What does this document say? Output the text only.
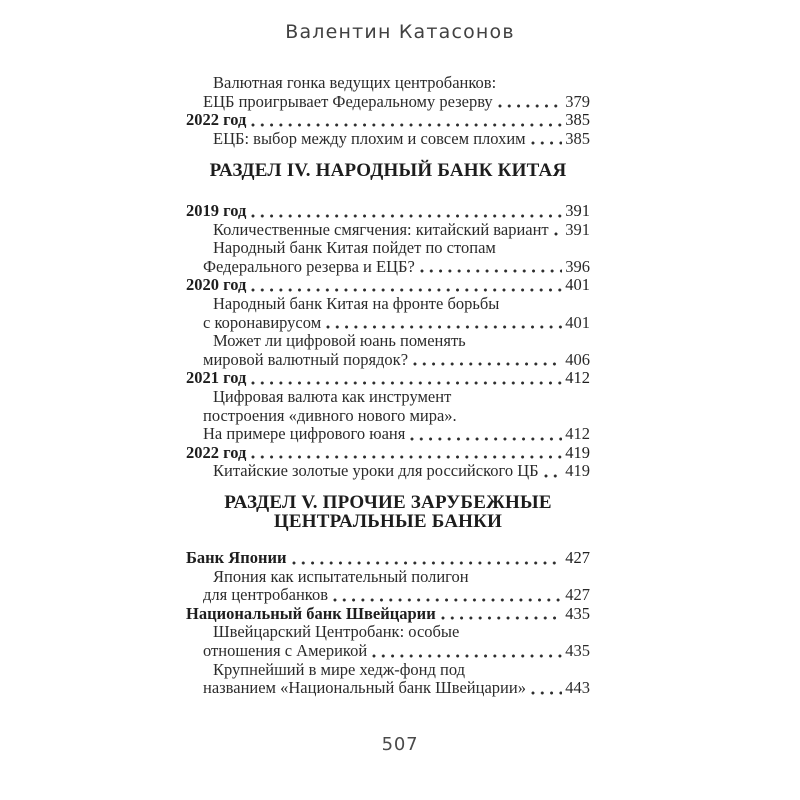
Валентин Катасонов
Валютная гонка ведущих центробанков:
ЕЦБ проигрывает Федеральному резерву	379
2022 год	385
ЕЦБ: выбор между плохим и совсем плохим 385
РАЗДЕЛ IV. НАРОДНЫЙ БАНК КИТАЯ
2019 год	391
Количественные смягчения: китайский вариант 391
Народный банк Китая пойдет по стопам
Федерального резерва и ЕЦБ?	396
2020 год	401
Народный банк Китая на фронте борьбы
с коронавирусом	401
Может ли цифровой юань поменять
мировой валютный порядок?	406
2021 год	412
Цифровая валюта как инструмент
построения «дивного нового мира».
На примере цифрового юаня	412
2022 год	419
Китайские золотые уроки для российского ЦБ 419
РАЗДЕЛ V. ПРОЧИЕ ЗАРУБЕЖНЫЕ
ЦЕНТРАЛЬНЫЕ БАНКИ
Банк Японии	427
Япония как испытательный полигон
для центробанков	427
Национальный банк Швейцарии	435
Швейцарский Центробанк: особые
отношения с Америкой	435
Крупнейший в мире хедж-фонд под
названием «Национальный банк Швейцарии» 443
507
